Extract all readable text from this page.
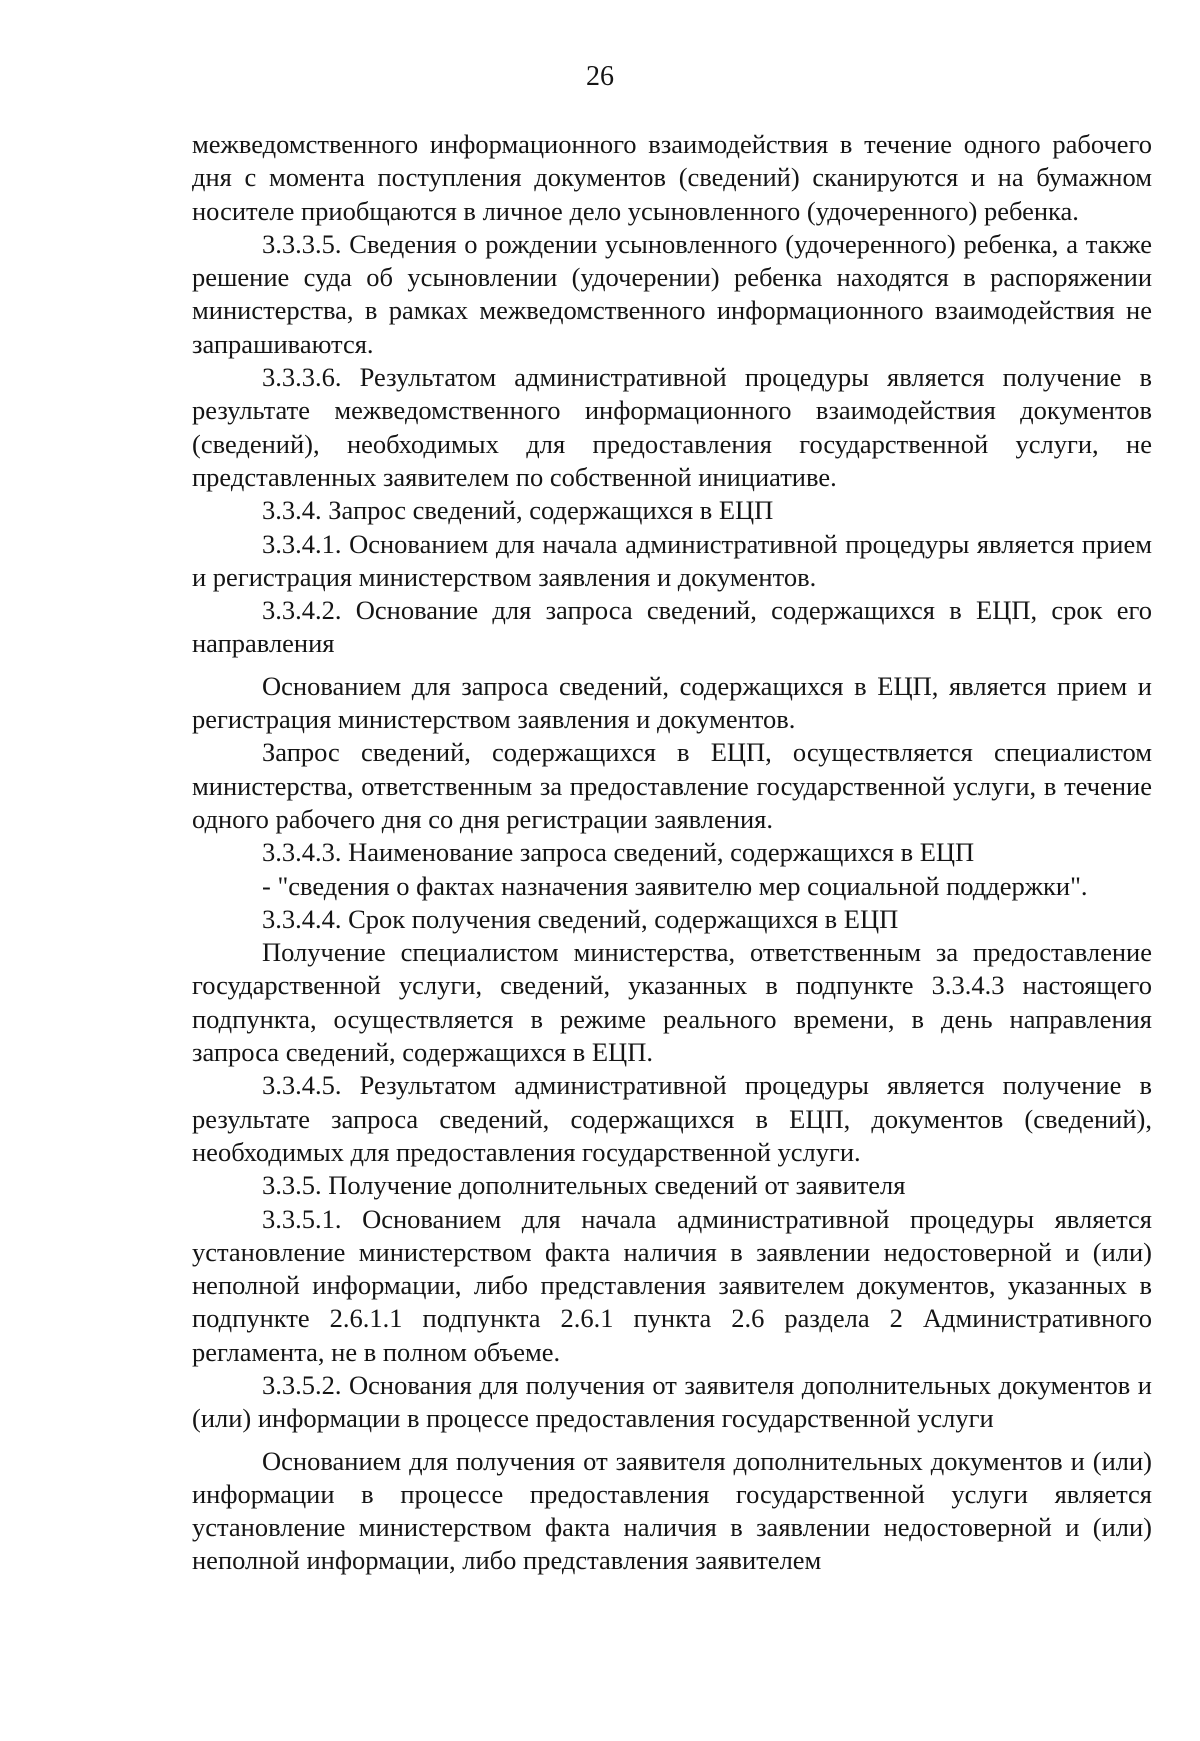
26

межведомственного информационного взаимодействия в течение одного рабочего дня с момента поступления документов (сведений) сканируются и на бумажном носителе приобщаются в личное дело усыновленного (удочеренного) ребенка.

3.3.3.5. Сведения о рождении усыновленного (удочеренного) ребенка, а также решение суда об усыновлении (удочерении) ребенка находятся в распоряжении министерства, в рамках межведомственного информационного взаимодействия не запрашиваются.

3.3.3.6. Результатом административной процедуры является получение в результате межведомственного информационного взаимодействия документов (сведений), необходимых для предоставления государственной услуги, не представленных заявителем по собственной инициативе.

3.3.4. Запрос сведений, содержащихся в ЕЦП

3.3.4.1. Основанием для начала административной процедуры является прием и регистрация министерством заявления и документов.

3.3.4.2. Основание для запроса сведений, содержащихся в ЕЦП, срок его направления

Основанием для запроса сведений, содержащихся в ЕЦП, является прием и регистрация министерством заявления и документов.

Запрос сведений, содержащихся в ЕЦП, осуществляется специалистом министерства, ответственным за предоставление государственной услуги, в течение одного рабочего дня со дня регистрации заявления.

3.3.4.3. Наименование запроса сведений, содержащихся в ЕЦП

- "сведения о фактах назначения заявителю мер социальной поддержки".

3.3.4.4. Срок получения сведений, содержащихся в ЕЦП

Получение специалистом министерства, ответственным за предоставление государственной услуги, сведений, указанных в подпункте 3.3.4.3 настоящего подпункта, осуществляется в режиме реального времени, в день направления запроса сведений, содержащихся в ЕЦП.

3.3.4.5. Результатом административной процедуры является получение в результате запроса сведений, содержащихся в ЕЦП, документов (сведений), необходимых для предоставления государственной услуги.

3.3.5. Получение дополнительных сведений от заявителя

3.3.5.1. Основанием для начала административной процедуры является установление министерством факта наличия в заявлении недостоверной и (или) неполной информации, либо представления заявителем документов, указанных в подпункте 2.6.1.1 подпункта 2.6.1 пункта 2.6 раздела 2 Административного регламента, не в полном объеме.

3.3.5.2. Основания для получения от заявителя дополнительных документов и (или) информации в процессе предоставления государственной услуги

Основанием для получения от заявителя дополнительных документов и (или) информации в процессе предоставления государственной услуги является установление министерством факта наличия в заявлении недостоверной и (или) неполной информации, либо представления заявителем
